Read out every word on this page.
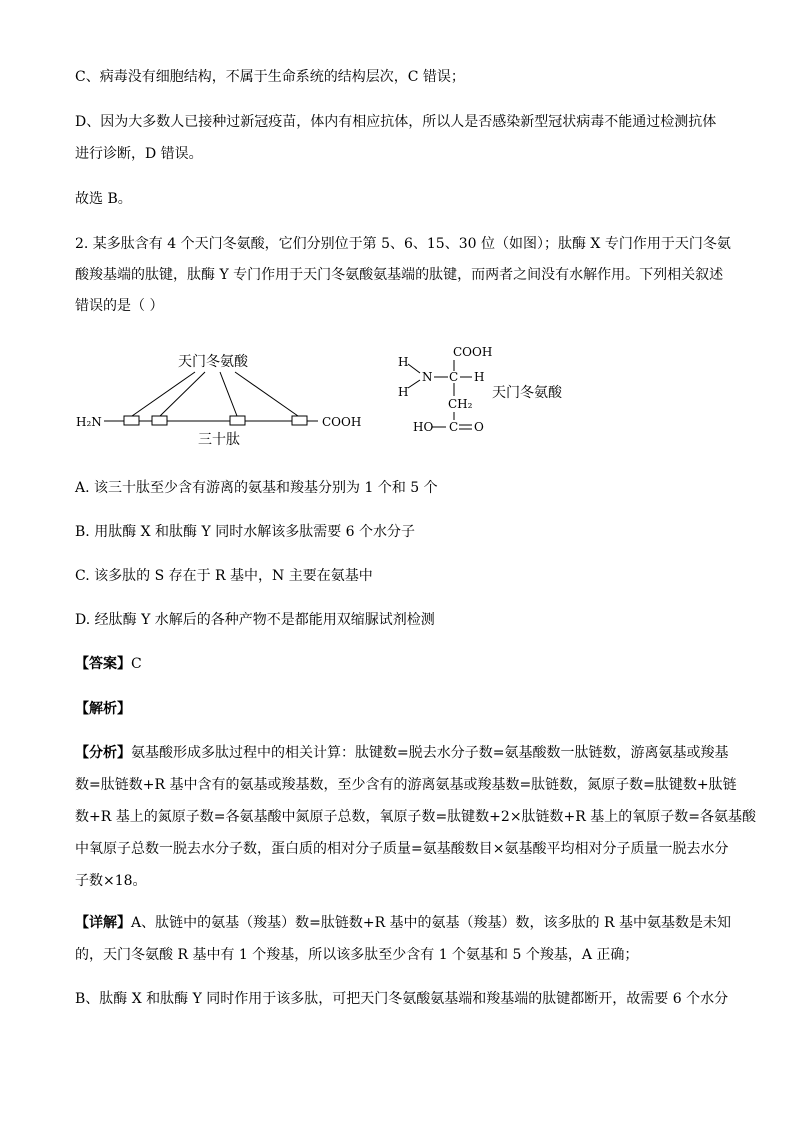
C、病毒没有细胞结构，不属于生命系统的结构层次，C 错误；
D、因为大多数人已接种过新冠疫苗，体内有相应抗体，所以人是否感染新型冠状病毒不能通过检测抗体
进行诊断，D 错误。
故选 B。
2. 某多肽含有 4 个天门冬氨酸，它们分别位于第 5、6、15、30 位（如图）；肽酶 X 专门作用于天门冬氨
酸羧基端的肽键，肽酶 Y 专门作用于天门冬氨酸氨基端的肽键，而两者之间没有水解作用。下列相关叙述
错误的是（ ）
天门冬氨酸
H₂N	COOH
三十肽
COOH
H
H
N C H
CH₂
HO C O
天门冬氨酸
A. 该三十肽至少含有游离的氨基和羧基分别为 1 个和 5 个
B. 用肽酶 X 和肽酶 Y 同时水解该多肽需要 6 个水分子
C. 该多肽的 S 存在于 R 基中，N 主要在氨基中
D. 经肽酶 Y 水解后的各种产物不是都能用双缩脲试剂检测
【答案】C
【解析】
【分析】氨基酸形成多肽过程中的相关计算：肽键数=脱去水分子数=氨基酸数一肽链数，游离氨基或羧基
数=肽链数+R 基中含有的氨基或羧基数，至少含有的游离氨基或羧基数=肽链数，氮原子数=肽键数+肽链
数+R 基上的氮原子数=各氨基酸中氮原子总数，氧原子数=肽键数+2×肽链数+R 基上的氧原子数=各氨基酸
中氧原子总数一脱去水分子数，蛋白质的相对分子质量=氨基酸数目×氨基酸平均相对分子质量一脱去水分
子数×18。
【详解】A、肽链中的氨基（羧基）数=肽链数+R 基中的氨基（羧基）数，该多肽的 R 基中氨基数是未知
的，天门冬氨酸 R 基中有 1 个羧基，所以该多肽至少含有 1 个氨基和 5 个羧基，A 正确；
B、肽酶 X 和肽酶 Y 同时作用于该多肽，可把天门冬氨酸氨基端和羧基端的肽键都断开，故需要 6 个水分
